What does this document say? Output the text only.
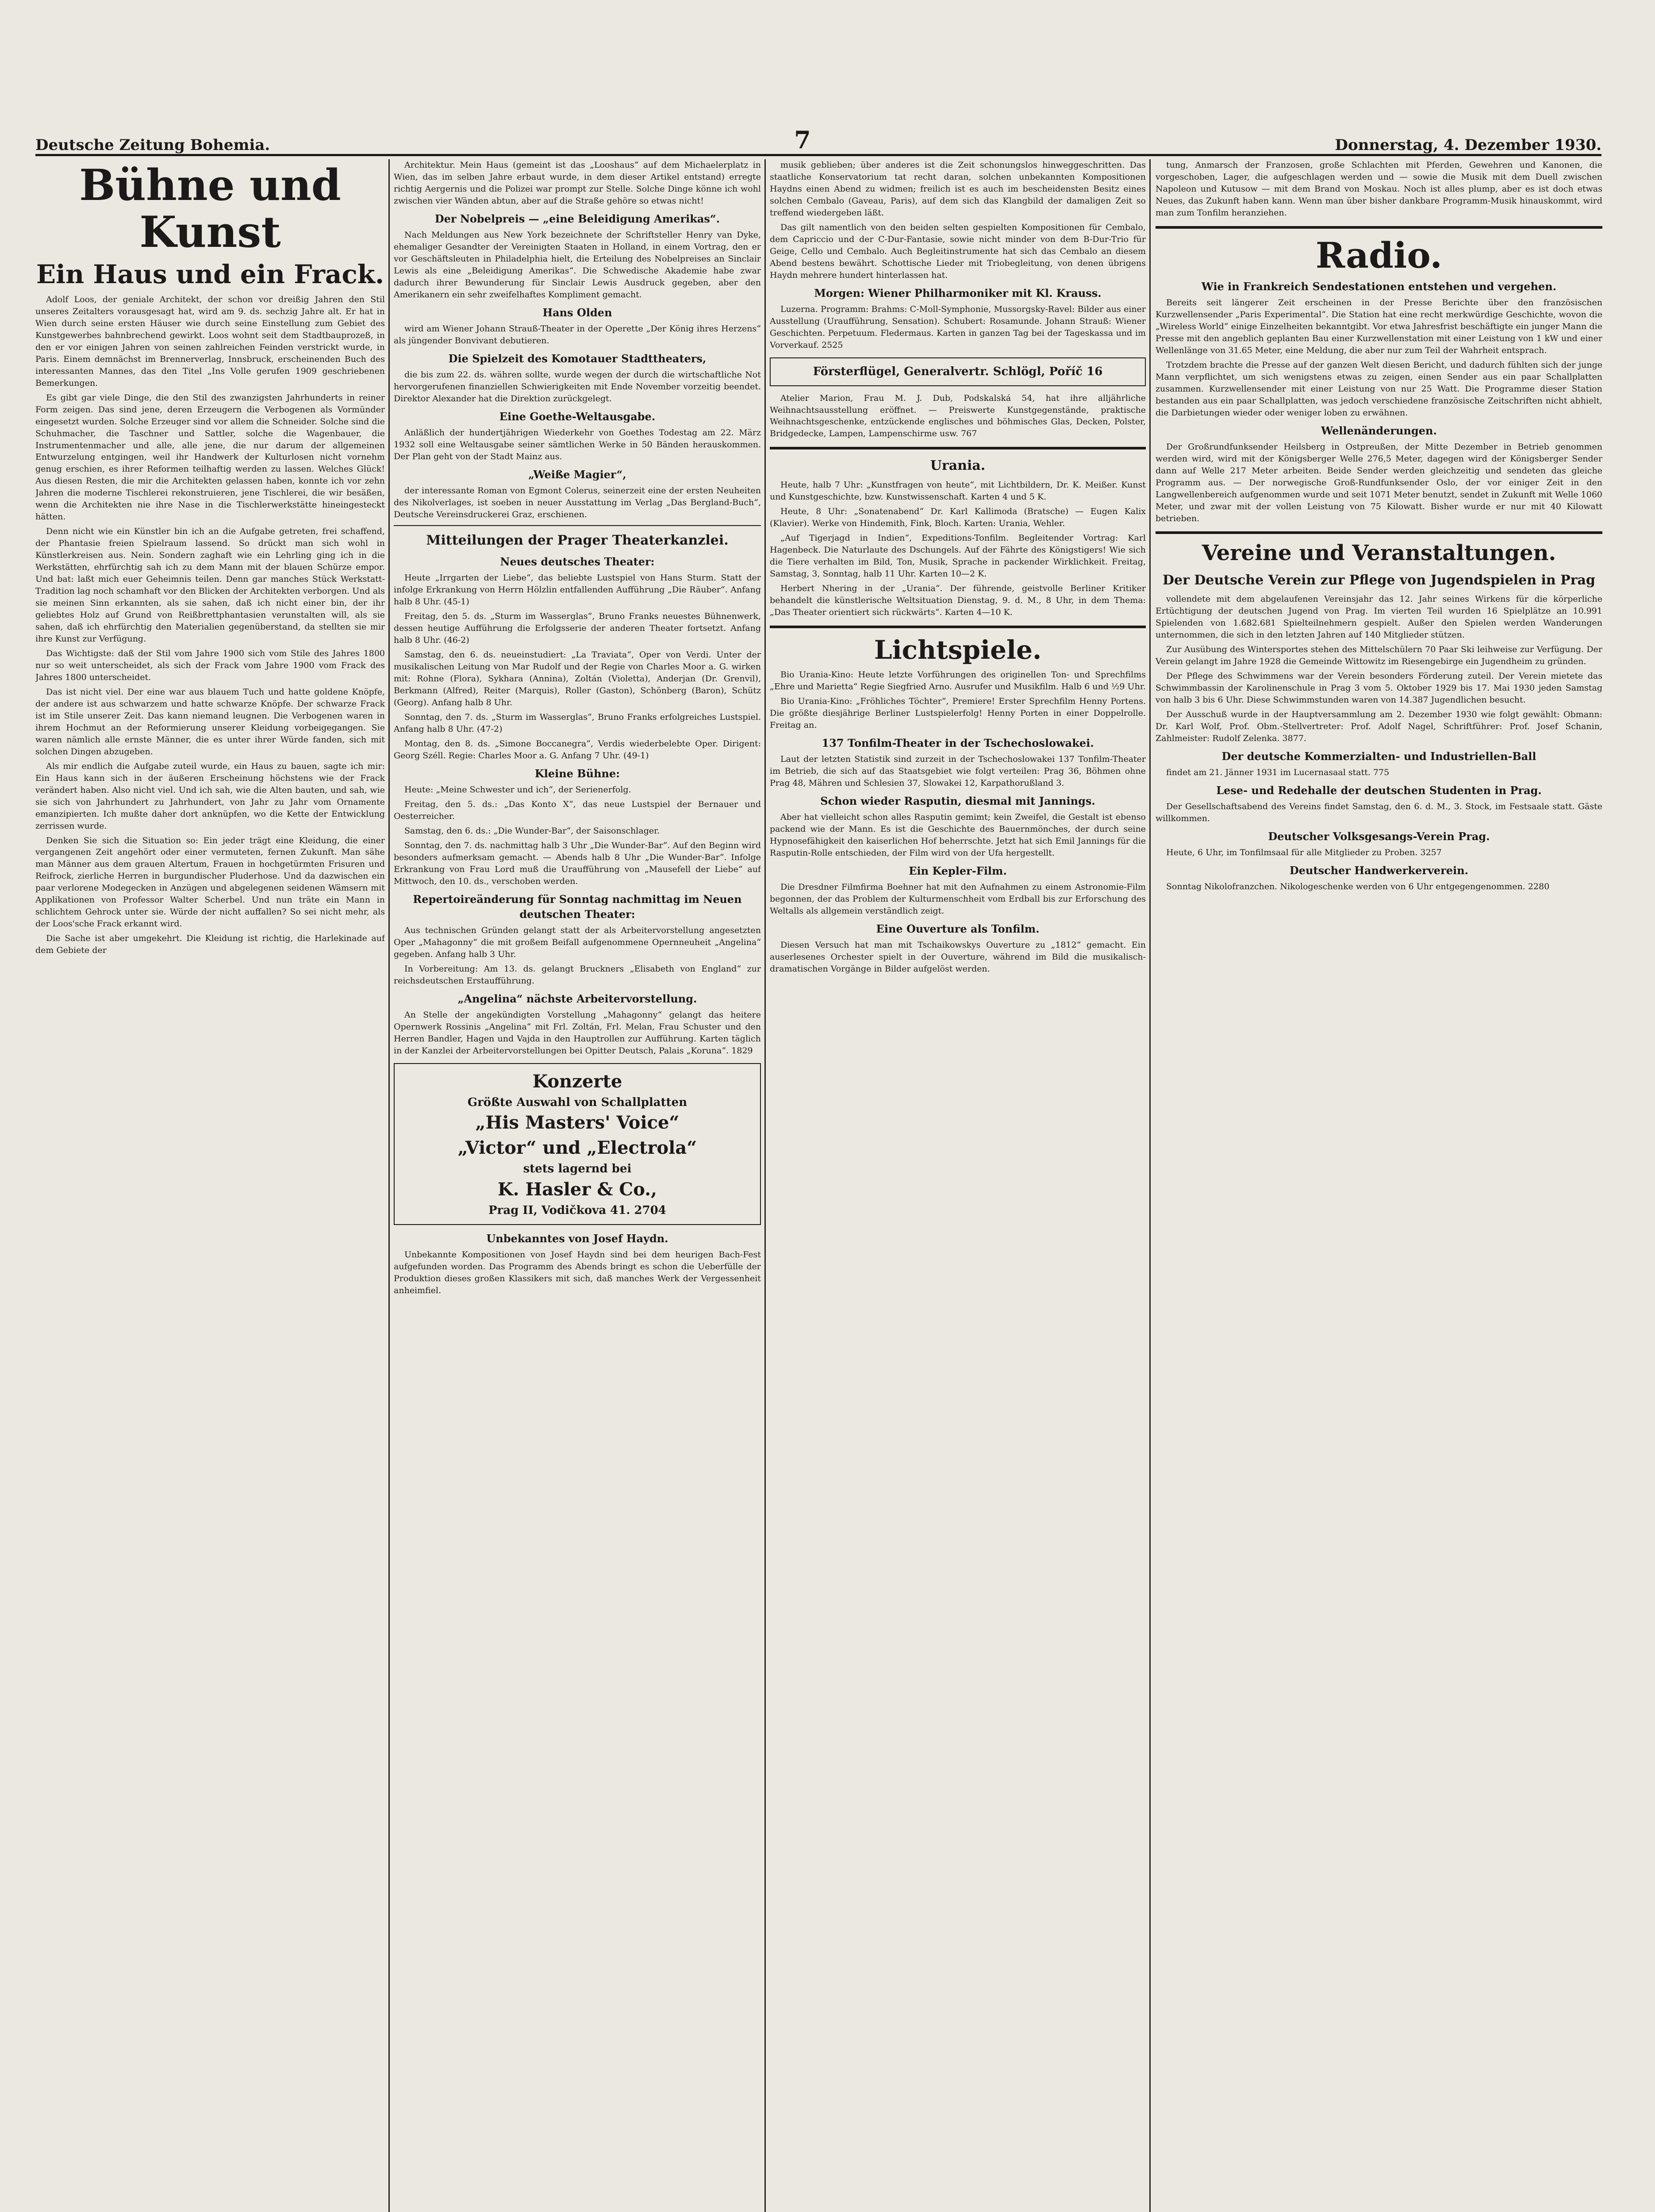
Deutsche Zeitung Bohemia.	7	Donnerstag, 4. Dezember 1930.
Bühne und Kunst
Ein Haus und ein Frack.

Adolf Loos, der geniale Architekt, der schon vor dreißig Jahren den Stil unseres Zeitalters vorausgesagt hat, wird am 9. ds. sechzig Jahre alt. Er hat in Wien durch seine ersten Häuser wie durch seine Einstellung zum Gebiet des Kunstgewerbes bahnbrechend gewirkt. Loos wohnt seit dem Stadtbauprozeß, in den er vor einigen Jahren von seinen zahlreichen Feinden verstrickt wurde, in Paris. Einem demnächst im Brennerverlag, Innsbruck, erscheinenden Buch des interessanten Mannes, das den Titel „Ins Volle gerufen 1909 geschriebenen Bemerkungen.

Es gibt gar viele Dinge, die den Stil des zwanzigsten Jahrhunderts in reiner Form zeigen. Das sind jene, deren Erzeugern die Verbogenen als Vormünder eingesetzt wurden. Solche Erzeuger sind vor allem die Schneider. Solche sind die Schuhmacher, die Taschner und Sattler, solche die Wagenbauer, die Instrumentenmacher und alle, alle jene, die nur darum der allgemeinen Entwurzelung entgingen, weil ihr Handwerk der Kulturlosen nicht vornehm genug erschien, es ihrer Reformen teilhaftig werden zu lassen. Welches Glück! Aus diesen Resten, die mir die Architekten gelassen haben, konnte ich vor zehn Jahren die moderne Tischlerei rekonstruieren, jene Tischlerei, die wir besäßen, wenn die Architekten nie ihre Nase in die Tischlerwerkstätte hineingesteckt hätten.

Denn nicht wie ein Künstler bin ich an die Aufgabe getreten, frei schaffend, der Phantasie freien Spielraum lassend. So drückt man sich wohl in Künstlerkreisen aus. Nein. Sondern zaghaft wie ein Lehrling ging ich in die Werkstätten, ehrfürchtig sah ich zu dem Mann mit der blauen Schürze empor. Und bat: laßt mich euer Geheimnis teilen. Denn gar manches Stück Werkstatt-Tradition lag noch schamhaft vor den Blicken der Architekten verborgen. Und als sie meinen Sinn erkannten, als sie sahen, daß ich nicht einer bin, der ihr geliebtes Holz auf Grund von Reißbrettphantasien verunstalten will, als sie sahen, daß ich ehrfürchtig den Materialien gegenüberstand, da stellten sie mir ihre Kunst zur Verfügung.

Das Wichtigste: daß der Stil vom Jahre 1900 sich vom Stile des Jahres 1800 nur so weit unterscheidet, als sich der Frack vom Jahre 1900 vom Frack des Jahres 1800 unterscheidet.

Das ist nicht viel. Der eine war aus blauem Tuch und hatte goldene Knöpfe, der andere ist aus schwarzem und hatte schwarze Knöpfe. Der schwarze Frack ist im Stile unserer Zeit. Das kann niemand leugnen. Die Verbogenen waren in ihrem Hochmut an der Reformierung unserer Kleidung vorbeigegangen. Sie waren nämlich alle ernste Männer, die es unter ihrer Würde fanden, sich mit solchen Dingen abzugeben.

Als mir endlich die Aufgabe zuteil wurde, ein Haus zu bauen, sagte ich mir: Ein Haus kann sich in der äußeren Erscheinung höchstens wie der Frack verändert haben. Also nicht viel. Und ich sah, wie die Alten bauten, und sah, wie sie sich von Jahrhundert zu Jahrhundert, von Jahr zu Jahr vom Ornamente emanzipierten. Ich mußte daher dort anknüpfen, wo die Kette der Entwicklung zerrissen wurde.

Denken Sie sich die Situation so: Ein jeder trägt eine Kleidung, die einer vergangenen Zeit angehört oder einer vermuteten, fernen Zukunft. Man sähe man Männer aus dem grauen Altertum, Frauen in hochgetürmten Frisuren und Reifrock, zierliche Herren in burgundischer Pluderhose. Und da dazwischen ein paar verlorene Modegecken in Anzügen und abgelegenen seidenen Wämsern mit Applikationen von Professor Walter Scherbel. Und nun träte ein Mann in schlichtem Gehrock unter sie. Würde der nicht auffallen? So sei nicht mehr, als der Loos'sche Frack erkannt wird.

Die Sache ist aber umgekehrt. Die Kleidung ist richtig, die Harlekinade auf dem Gebiete der

Architektur. Mein Haus (gemeint ist das „Looshaus“ auf dem Michaelerplatz in Wien, das im selben Jahre erbaut wurde, in dem dieser Artikel entstand) erregte richtig Aergernis und die Polizei war prompt zur Stelle. Solche Dinge könne ich wohl zwischen vier Wänden abtun, aber auf die Straße gehöre so etwas nicht!

Der Nobelpreis — „eine Beleidigung Amerikas“.

Nach Meldungen aus New York bezeichnete der Schriftsteller Henry van Dyke, ehemaliger Gesandter der Vereinigten Staaten in Holland, in einem Vortrag, den er vor Geschäftsleuten in Philadelphia hielt, die Erteilung des Nobelpreises an Sinclair Lewis als eine „Beleidigung Amerikas“. Die Schwedische Akademie habe zwar dadurch ihrer Bewunderung für Sinclair Lewis Ausdruck gegeben, aber den Amerikanern ein sehr zweifelhaftes Kompliment gemacht.

Hans Olden

wird am Wiener Johann Strauß-Theater in der Operette „Der König ihres Herzens“ als jüngender Bonvivant debutieren.

Die Spielzeit des Komotauer Stadttheaters,

die bis zum 22. ds. währen sollte, wurde wegen der durch die wirtschaftliche Not hervorgerufenen finanziellen Schwierigkeiten mit Ende November vorzeitig beendet. Direktor Alexander hat die Direktion zurückgelegt.

Eine Goethe-Weltausgabe.

Anläßlich der hundertjährigen Wiederkehr von Goethes Todestag am 22. März 1932 soll eine Weltausgabe seiner sämtlichen Werke in 50 Bänden herauskommen. Der Plan geht von der Stadt Mainz aus.

„Weiße Magier“,

der interessante Roman von Egmont Colerus, seinerzeit eine der ersten Neuheiten des Nikolverlages, ist soeben in neuer Ausstattung im Verlag „Das Bergland-Buch“, Deutsche Vereinsdruckerei Graz, erschienen.

Mitteilungen der Prager Theaterkanzlei.
Neues deutsches Theater:

Heute „Irrgarten der Liebe“, das beliebte Lustspiel von Hans Sturm. Statt der infolge Erkrankung von Herrn Hölzlin entfallenden Aufführung „Die Räuber“. Anfang halb 8 Uhr. (45-1)

Freitag, den 5. ds. „Sturm im Wasserglas“, Bruno Franks neuestes Bühnenwerk, dessen heutige Aufführung die Erfolgsserie der anderen Theater fortsetzt. Anfang halb 8 Uhr. (46-2)

Samstag, den 6. ds. neueinstudiert: „La Traviata“, Oper von Verdi. Unter der musikalischen Leitung von Mar Rudolf und der Regie von Charles Moor a. G. wirken mit: Rohne (Flora), Sykhara (Annina), Zoltán (Violetta), Anderjan (Dr. Grenvil), Berkmann (Alfred), Reiter (Marquis), Roller (Gaston), Schönberg (Baron), Schütz (Georg). Anfang halb 8 Uhr.

Sonntag, den 7. ds. „Sturm im Wasserglas“, Bruno Franks erfolgreiches Lustspiel. Anfang halb 8 Uhr. (47-2)

Montag, den 8. ds. „Simone Boccanegra“, Verdis wiederbelebte Oper. Dirigent: Georg Széll. Regie: Charles Moor a. G. Anfang 7 Uhr. (49-1)

Kleine Bühne:

Heute: „Meine Schwester und ich“, der Serienerfolg.

Freitag, den 5. ds.: „Das Konto X“, das neue Lustspiel der Bernauer und Oesterreicher.

Samstag, den 6. ds.: „Die Wunder-Bar“, der Saisonschlager.

Sonntag, den 7. ds. nachmittag halb 3 Uhr „Die Wunder-Bar“. Auf den Beginn wird besonders aufmerksam gemacht. — Abends halb 8 Uhr „Die Wunder-Bar“. Infolge Erkrankung von Frau Lord muß die Uraufführung von „Mausefell der Liebe“ auf Mittwoch, den 10. ds., verschoben werden.

Repertoireänderung für Sonntag nachmittag im Neuen deutschen Theater:

Aus technischen Gründen gelangt statt der als Arbeitervorstellung angesetzten Oper „Mahagonny“ die mit großem Beifall aufgenommene Opernneuheit „Angelina“ gegeben. Anfang halb 3 Uhr.

In Vorbereitung: Am 13. ds. gelangt Bruckners „Elisabeth von England“ zur reichsdeutschen Erstaufführung.

„Angelina“ nächste Arbeitervorstellung.

An Stelle der angekündigten Vorstellung „Mahagonny“ gelangt das heitere Opernwerk Rossinis „Angelina“ mit Frl. Zoltán, Frl. Melan, Frau Schuster und den Herren Bandler, Hagen und Vajda in den Hauptrollen zur Aufführung. Karten täglich in der Kanzlei der Arbeitervorstellungen bei Opitter Deutsch, Palais „Koruna“. 1829

Konzerte
Größte Auswahl von Schallplatten
„His Masters' Voice“
„Victor“ und „Electrola“
stets lagernd bei
K. Hasler & Co.,
Prag II, Vodičkova 41. 2704
Unbekanntes von Josef Haydn.

Unbekannte Kompositionen von Josef Haydn sind bei dem heurigen Bach-Fest aufgefunden worden. Das Programm des Abends bringt es schon die Ueberfülle der Produktion dieses großen Klassikers mit sich, daß manches Werk der Vergessenheit anheimfiel.

musik geblieben; über anderes ist die Zeit schonungslos hinweggeschritten. Das staatliche Konservatorium tat recht daran, solchen unbekannten Kompositionen Haydns einen Abend zu widmen; freilich ist es auch im bescheidensten Besitz eines solchen Cembalo (Gaveau, Paris), auf dem sich das Klangbild der damaligen Zeit so treffend wiedergeben läßt.

Das gilt namentlich von den beiden selten gespielten Kompositionen für Cembalo, dem Capriccio und der C-Dur-Fantasie, sowie nicht minder von dem B-Dur-Trio für Geige, Cello und Cembalo. Auch Begleitinstrumente hat sich das Cembalo an diesem Abend bestens bewährt. Schottische Lieder mit Triobegleitung, von denen übrigens Haydn mehrere hundert hinterlassen hat.

Morgen: Wiener Philharmoniker mit Kl. Krauss.

Luzerna. Programm: Brahms: C-Moll-Symphonie, Mussorgsky-Ravel: Bilder aus einer Ausstellung (Uraufführung, Sensation). Schubert: Rosamunde. Johann Strauß: Wiener Geschichten. Perpetuum. Fledermaus. Karten in ganzen Tag bei der Tageskassa und im Vorverkauf. 2525

Försterflügel, Generalvertr. Schlögl, Poříč 16

Atelier Marion, Frau M. J. Dub, Podskalská 54, hat ihre alljährliche Weihnachtsausstellung eröffnet. — Preiswerte Kunstgegenstände, praktische Weihnachtsgeschenke, entzückende englisches und böhmisches Glas, Decken, Polster, Bridgedecke, Lampen, Lampenschirme usw. 767

Urania.

Heute, halb 7 Uhr: „Kunstfragen von heute“, mit Lichtbildern, Dr. K. Meißer. Kunst und Kunstgeschichte, bzw. Kunstwissenschaft. Karten 4 und 5 K.

Heute, 8 Uhr: „Sonatenabend“ Dr. Karl Kallimoda (Bratsche) — Eugen Kalix (Klavier). Werke von Hindemith, Fink, Bloch. Karten: Urania, Wehler.

„Auf Tigerjagd in Indien“, Expeditions-Tonfilm. Begleitender Vortrag: Karl Hagenbeck. Die Naturlaute des Dschungels. Auf der Fährte des Königstigers! Wie sich die Tiere verhalten im Bild, Ton, Musik, Sprache in packender Wirklichkeit. Freitag, Samstag, 3, Sonntag, halb 11 Uhr. Karten 10—2 K.

Herbert Nhering in der „Urania“. Der führende, geistvolle Berliner Kritiker behandelt die künstlerische Weltsituation Dienstag, 9. d. M., 8 Uhr, in dem Thema: „Das Theater orientiert sich rückwärts“. Karten 4—10 K.

Lichtspiele.

Bio Urania-Kino: Heute letzte Vorführungen des originellen Ton- und Sprechfilms „Ehre und Marietta“ Regie Siegfried Arno. Ausrufer und Musikfilm. Halb 6 und ½9 Uhr.

Bio Urania-Kino: „Fröhliches Töchter“, Premiere! Erster Sprechfilm Henny Portens. Die größte diesjährige Berliner Lustspielerfolg! Henny Porten in einer Doppelrolle. Freitag an.

137 Tonfilm-Theater in der Tschechoslowakei.

Laut der letzten Statistik sind zurzeit in der Tschechoslowakei 137 Tonfilm-Theater im Betrieb, die sich auf das Staatsgebiet wie folgt verteilen: Prag 36, Böhmen ohne Prag 48, Mähren und Schlesien 37, Slowakei 12, Karpathorußland 3.

Schon wieder Rasputin, diesmal mit Jannings.

Aber hat vielleicht schon alles Rasputin gemimt; kein Zweifel, die Gestalt ist ebenso packend wie der Mann. Es ist die Geschichte des Bauernmönches, der durch seine Hypnosefähigkeit den kaiserlichen Hof beherrschte. Jetzt hat sich Emil Jannings für die Rasputin-Rolle entschieden, der Film wird von der Ufa hergestellt.

Ein Kepler-Film.

Die Dresdner Filmfirma Boehner hat mit den Aufnahmen zu einem Astronomie-Film begonnen, der das Problem der Kulturmenschheit vom Erdball bis zur Erforschung des Weltalls als allgemein verständlich zeigt.

Eine Ouverture als Tonfilm.

Diesen Versuch hat man mit Tschaikowskys Ouverture zu „1812“ gemacht. Ein auserlesenes Orchester spielt in der Ouverture, während im Bild die musikalisch-dramatischen Vorgänge in Bilder aufgelöst werden.

tung, Anmarsch der Franzosen, große Schlachten mit Pferden, Gewehren und Kanonen, die vorgeschoben, Lager, die aufgeschlagen werden und — sowie die Musik mit dem Duell zwischen Napoleon und Kutusow — mit dem Brand von Moskau. Noch ist alles plump, aber es ist doch etwas Neues, das Zukunft haben kann. Wenn man über bisher dankbare Programm-Musik hinauskommt, wird man zum Tonfilm heranziehen.

Radio.
Wie in Frankreich Sendestationen entstehen und vergehen.

Bereits seit längerer Zeit erscheinen in der Presse Berichte über den französischen Kurzwellensender „Paris Experimental“. Die Station hat eine recht merkwürdige Geschichte, wovon die „Wireless World“ einige Einzelheiten bekanntgibt. Vor etwa Jahresfrist beschäftigte ein junger Mann die Presse mit den angeblich geplanten Bau einer Kurzwellenstation mit einer Leistung von 1 kW und einer Wellenlänge von 31.65 Meter, eine Meldung, die aber nur zum Teil der Wahrheit entsprach.

Trotzdem brachte die Presse auf der ganzen Welt diesen Bericht, und dadurch fühlten sich der junge Mann verpflichtet, um sich wenigstens etwas zu zeigen, einen Sender aus ein paar Schallplatten zusammen. Kurzwellensender mit einer Leistung von nur 25 Watt. Die Programme dieser Station bestanden aus ein paar Schallplatten, was jedoch verschiedene französische Zeitschriften nicht abhielt, die Darbietungen wieder oder weniger loben zu erwähnen.

Wellenänderungen.

Der Großrundfunksender Heilsberg in Ostpreußen, der Mitte Dezember in Betrieb genommen werden wird, wird mit der Königsberger Welle 276,5 Meter, dagegen wird der Königsberger Sender dann auf Welle 217 Meter arbeiten. Beide Sender werden gleichzeitig und sendeten das gleiche Programm aus. — Der norwegische Groß-Rundfunksender Oslo, der vor einiger Zeit in den Langwellenbereich aufgenommen wurde und seit 1071 Meter benutzt, sendet in Zukunft mit Welle 1060 Meter, und zwar mit der vollen Leistung von 75 Kilowatt. Bisher wurde er nur mit 40 Kilowatt betrieben.

Vereine und Veranstaltungen.
Der Deutsche Verein zur Pflege von Jugendspielen in Prag

vollendete mit dem abgelaufenen Vereinsjahr das 12. Jahr seines Wirkens für die körperliche Ertüchtigung der deutschen Jugend von Prag. Im vierten Teil wurden 16 Spielplätze an 10.991 Spielenden von 1.682.681 Spielteilnehmern gespielt. Außer den Spielen werden Wanderungen unternommen, die sich in den letzten Jahren auf 140 Mitglieder stützen.

Zur Ausübung des Wintersportes stehen des Mittelschülern 70 Paar Ski leihweise zur Verfügung. Der Verein gelangt im Jahre 1928 die Gemeinde Wittowitz im Riesengebirge ein Jugendheim zu gründen.

Der Pflege des Schwimmens war der Verein besonders Förderung zuteil. Der Verein mietete das Schwimmbassin der Karolinenschule in Prag 3 vom 5. Oktober 1929 bis 17. Mai 1930 jeden Samstag von halb 3 bis 6 Uhr. Diese Schwimmstunden waren von 14.387 Jugendlichen besucht.

Der Ausschuß wurde in der Hauptversammlung am 2. Dezember 1930 wie folgt gewählt: Obmann: Dr. Karl Wolf, Prof. Obm.-Stellvertreter: Prof. Adolf Nagel, Schriftführer: Prof. Josef Schanin, Zahlmeister: Rudolf Zelenka. 3877.

Der deutsche Kommerzialten- und Industriellen-Ball

findet am 21. Jänner 1931 im Lucernasaal statt. 775

Lese- und Redehalle der deutschen Studenten in Prag.

Der Gesellschaftsabend des Vereins findet Samstag, den 6. d. M., 3. Stock, im Festsaale statt. Gäste willkommen.

Deutscher Volksgesangs-Verein Prag.

Heute, 6 Uhr, im Tonfilmsaal für alle Mitglieder zu Proben. 3257

Deutscher Handwerkerverein.

Sonntag Nikolofranzchen. Nikologeschenke werden von 6 Uhr entgegengenommen. 2280
